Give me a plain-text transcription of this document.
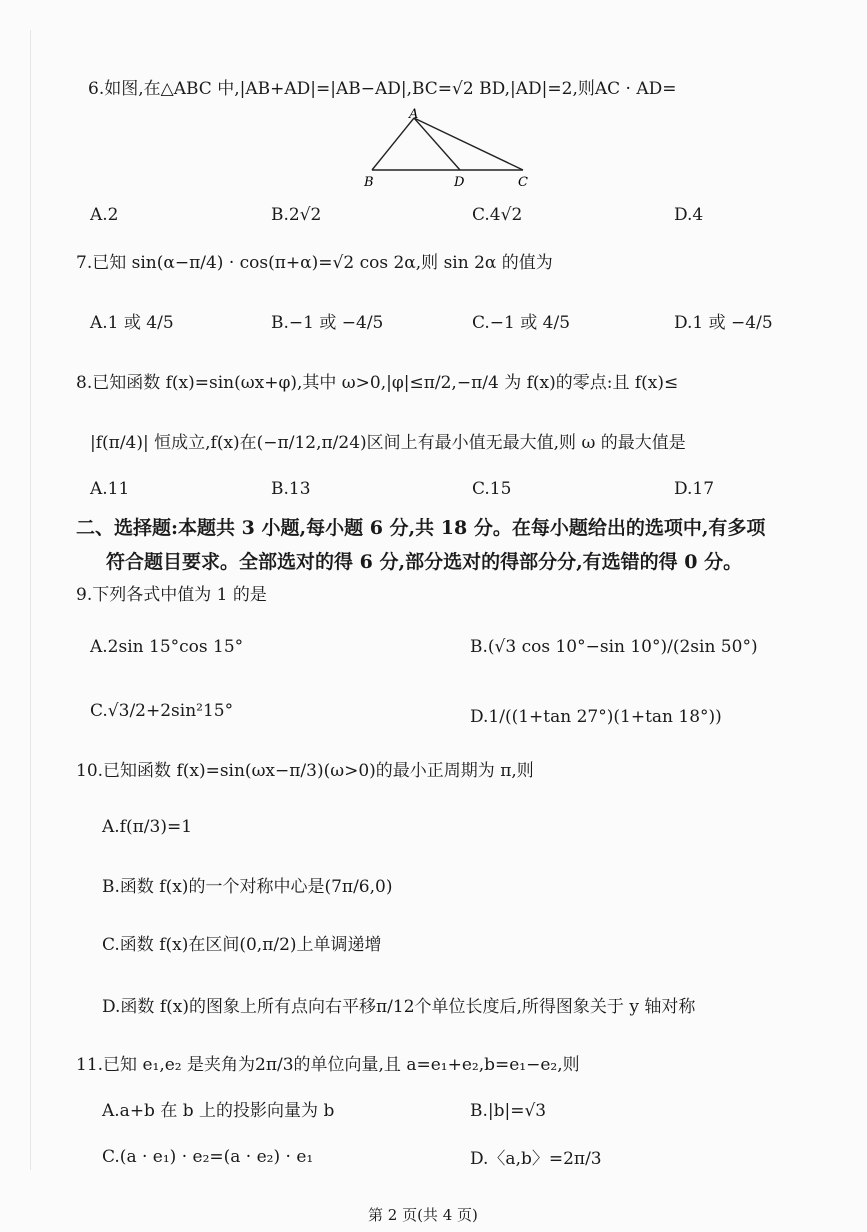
6.如图,在△ABC 中,|AB+AD|=|AB−AD|,BC=√2 BD,|AD|=2,则AC · AD=
A
B	D	C
A.2	B.2√2	C.4√2	D.4
7.已知 sin(α−π/4) · cos(π+α)=√2 cos 2α,则 sin 2α 的值为
A.1 或 4/5	B.−1 或 −4/5	C.−1 或 4/5	D.1 或 −4/5
8.已知函数 f(x)=sin(ωx+φ),其中 ω>0,|φ|≤π/2,−π/4 为 f(x)的零点:且 f(x)≤
|f(π/4)| 恒成立,f(x)在(−π/12,π/24)区间上有最小值无最大值,则 ω 的最大值是
A.11	B.13	C.15	D.17
二、选择题:本题共 3 小题,每小题 6 分,共 18 分。在每小题给出的选项中,有多项
符合题目要求。全部选对的得 6 分,部分选对的得部分分,有选错的得 0 分。
9.下列各式中值为 1 的是
A.2sin 15°cos 15°	B.(√3 cos 10°−sin 10°)/(2sin 50°)
C.√3/2+2sin²15°	D.1/((1+tan 27°)(1+tan 18°))
10.已知函数 f(x)=sin(ωx−π/3)(ω>0)的最小正周期为 π,则
A.f(π/3)=1
B.函数 f(x)的一个对称中心是(7π/6,0)
C.函数 f(x)在区间(0,π/2)上单调递增
D.函数 f(x)的图象上所有点向右平移π/12个单位长度后,所得图象关于 y 轴对称
11.已知 e₁,e₂ 是夹角为2π/3的单位向量,且 a=e₁+e₂,b=e₁−e₂,则
A.a+b 在 b 上的投影向量为 b	B.|b|=√3
C.(a · e₁) · e₂=(a · e₂) · e₁	D.〈a,b〉=2π/3
第 2 页(共 4 页)
